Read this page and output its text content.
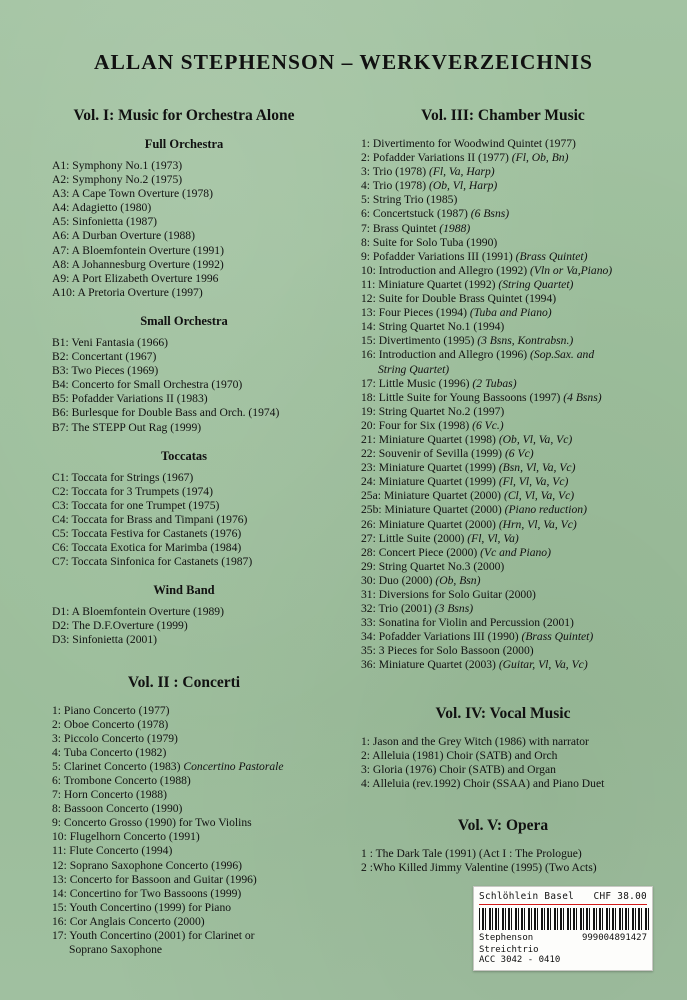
ALLAN STEPHENSON – WERKVERZEICHNIS
Vol. I: Music for Orchestra Alone
Full Orchestra
A1: Symphony No.1 (1973)
A2: Symphony No.2 (1975)
A3: A Cape Town Overture (1978)
A4: Adagietto (1980)
A5: Sinfonietta (1987)
A6: A Durban Overture (1988)
A7: A Bloemfontein Overture (1991)
A8: A Johannesburg Overture (1992)
A9: A Port Elizabeth Overture 1996
A10: A Pretoria Overture (1997)
Small Orchestra
B1: Veni Fantasia (1966)
B2: Concertant (1967)
B3: Two Pieces (1969)
B4: Concerto for Small Orchestra (1970)
B5: Pofadder Variations II (1983)
B6: Burlesque for Double Bass and Orch. (1974)
B7: The STEPP Out Rag (1999)
Toccatas
C1: Toccata for Strings (1967)
C2: Toccata for 3 Trumpets (1974)
C3: Toccata for one Trumpet (1975)
C4: Toccata for Brass and Timpani (1976)
C5: Toccata Festiva for Castanets (1976)
C6: Toccata Exotica for Marimba (1984)
C7: Toccata Sinfonica for Castanets (1987)
Wind Band
D1: A Bloemfontein Overture (1989)
D2: The D.F.Overture (1999)
D3: Sinfonietta (2001)
Vol. II : Concerti
1: Piano Concerto (1977)
2: Oboe Concerto (1978)
3: Piccolo Concerto (1979)
4: Tuba Concerto (1982)
5: Clarinet Concerto (1983) Concertino Pastorale
6: Trombone Concerto (1988)
7: Horn Concerto (1988)
8: Bassoon Concerto (1990)
9: Concerto Grosso (1990) for Two Violins
10: Flugelhorn Concerto (1991)
11: Flute Concerto (1994)
12: Soprano Saxophone Concerto (1996)
13: Concerto for Bassoon and Guitar (1996)
14: Concertino for Two Bassoons (1999)
15: Youth Concertino (1999) for Piano
16: Cor Anglais Concerto (2000)
17: Youth Concertino (2001) for Clarinet or
Soprano Saxophone
Vol. III: Chamber Music
1: Divertimento for Woodwind Quintet (1977)
2: Pofadder Variations II (1977) (Fl, Ob, Bn)
3: Trio (1978) (Fl, Va, Harp)
4: Trio (1978) (Ob, Vl, Harp)
5: String Trio (1985)
6: Concertstuck (1987) (6 Bsns)
7: Brass Quintet (1988)
8: Suite for Solo Tuba (1990)
9: Pofadder Variations III (1991) (Brass Quintet)
10: Introduction and Allegro (1992) (Vln or Va,Piano)
11: Miniature Quartet (1992) (String Quartet)
12: Suite for Double Brass Quintet (1994)
13: Four Pieces (1994) (Tuba and Piano)
14: String Quartet No.1 (1994)
15: Divertimento (1995) (3 Bsns, Kontrabsn.)
16: Introduction and Allegro (1996) (Sop.Sax. and
String Quartet)
17: Little Music (1996) (2 Tubas)
18: Little Suite for Young Bassoons (1997) (4 Bsns)
19: String Quartet No.2 (1997)
20: Four for Six (1998) (6 Vc.)
21: Miniature Quartet (1998) (Ob, Vl, Va, Vc)
22: Souvenir of Sevilla (1999) (6 Vc)
23: Miniature Quartet (1999) (Bsn, Vl, Va, Vc)
24: Miniature Quartet (1999) (Fl, Vl, Va, Vc)
25a: Miniature Quartet (2000) (Cl, Vl, Va, Vc)
25b: Miniature Quartet (2000) (Piano reduction)
26: Miniature Quartet (2000) (Hrn, Vl, Va, Vc)
27: Little Suite (2000) (Fl, Vl, Va)
28: Concert Piece (2000) (Vc and Piano)
29: String Quartet No.3 (2000)
30: Duo (2000) (Ob, Bsn)
31: Diversions for Solo Guitar (2000)
32: Trio (2001) (3 Bsns)
33: Sonatina for Violin and Percussion (2001)
34: Pofadder Variations III (1990) (Brass Quintet)
35: 3 Pieces for Solo Bassoon (2000)
36: Miniature Quartet (2003) (Guitar, Vl, Va, Vc)
Vol. IV: Vocal Music
1: Jason and the Grey Witch (1986) with narrator
2: Alleluia (1981) Choir (SATB) and Orch
3: Gloria (1976) Choir (SATB) and Organ
4: Alleluia (rev.1992) Choir (SSAA) and Piano Duet
Vol. V: Opera
1 : The Dark Tale (1991) (Act I : The Prologue)
2 :Who Killed Jimmy Valentine (1995) (Two Acts)
Schlöhlein Basel CHF 38.00
Stephenson	999004891427
Streichtrio
ACC 3042 - 0410
